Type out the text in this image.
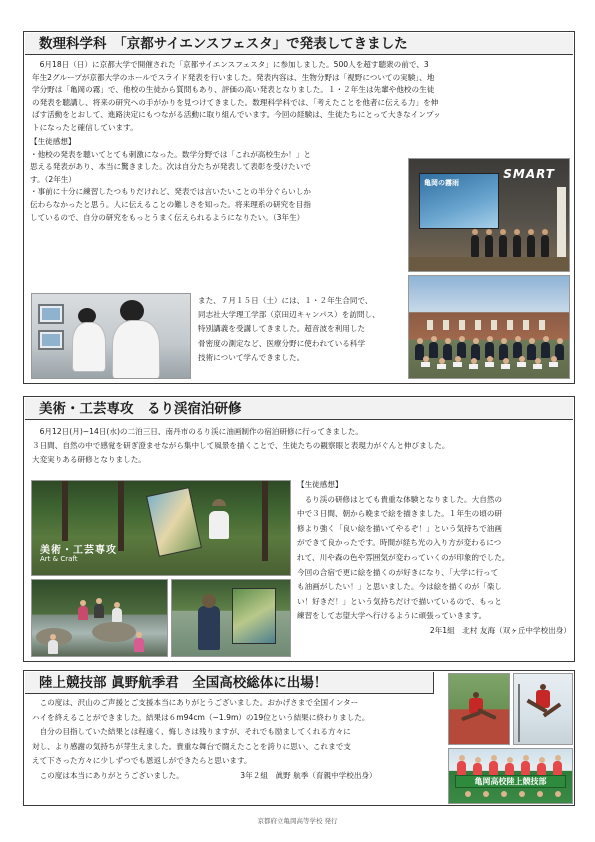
数理科学科　「京都サイエンスフェスタ」で発表してきました
　6月18日（日）に京都大学で開催された「京都サイエンスフェスタ」に参加しました。500人を超す聴衆の前で、3
年生2グループが京都大学のホールでスライド発表を行いました。発表内容は、生物分野は「視野についての実験」、地
学分野は「亀岡の霧」で、他校の生徒から質問もあり、評価の高い発表となりました。１・２年生は先輩や他校の生徒
の発表を聴講し、将来の研究への手がかりを見つけてきました。数理科学科では、「考えたことを他者に伝える力」を伸
ばす活動をとおして、進路決定にもつながる活動に取り組んでいます。今回の経験は、生徒たちにとって大きなインプッ
トになったと確信しています。
【生徒感想】
・他校の発表を聴いてとても刺激になった。数学分野では「これが高校生か！」と
思える発表があり、本当に驚きました。次は自分たちが発表して表彰を受けたいで
す。（2年生）
・事前に十分に練習したつもりだけれど、発表では言いたいことの半分ぐらいしか
伝わらなかったと思う。人に伝えることの難しさを知った。将来理系の研究を目指
しているので、自分の研究をもっとうまく伝えられるようになりたい。（3年生）
亀岡の霧雨
SMART
また、７月１５日（土）には、１・２年生合同で、
同志社大学理工学部（京田辺キャンパス）を訪問し、
特別講義を受講してきました。超音波を利用した
骨密度の測定など、医療分野に使われている科学
技術について学んできました。
美術・工芸専攻　るり渓宿泊研修
　6月12日(月)~14日(水)の二泊三日、南丹市のるり渓に油画制作の宿泊研修に行ってきました。
３日間、自然の中で感覚を研ぎ澄ませながら集中して風景を描くことで、生徒たちの観察眼と表現力がぐんと伸びました。
大変実りある研修となりました。
美術・工芸専攻
Art & Craft
【生徒感想】
　るり渓の研修はとても貴重な体験となりました。大自然の
中で３日間、朝から晩まで絵を描きました。１年生の頃の研
修より強く「良い絵を描いてやるぞ！」という気持ちで油画
ができて良かったです。時間が経ち光の入り方が変わるにつ
れて、川や森の色や雰囲気が変わっていくのが印象的でした。
今回の合宿で更に絵を描くのが好きになり、「大学に行って
も油画がしたい！」と思いました。今は絵を描くのが「楽し
い！好きだ！」という気持ちだけで描いているので、もっと
練習をして志望大学へ行けるように頑張っていきます。
2年1組　北村 友海（双ヶ丘中学校出身）
陸上競技部 眞野航季君　全国高校総体に出場！
　この度は、沢山のご声援とご支援本当にありがとうございました。おかげさまで全国インター
ハイを終えることができました。結果は６m94cm（−1.9m）の19位という結果に終わりました。
　自分の目指していた結果とは程遠く、悔しさは残りますが、それでも励ましてくれる方々に
対し、より感謝の気持ちが芽生えました。貴重な舞台で闘えたことを誇りに思い、これまで支
えて下さった方々に少しずつでも恩返しができたらと思います。
　この度は本当にありがとうございました。	3年２組　眞野 航季（育親中学校出身）
亀岡高校陸上競技部
京都府立亀岡高等学校 発行
